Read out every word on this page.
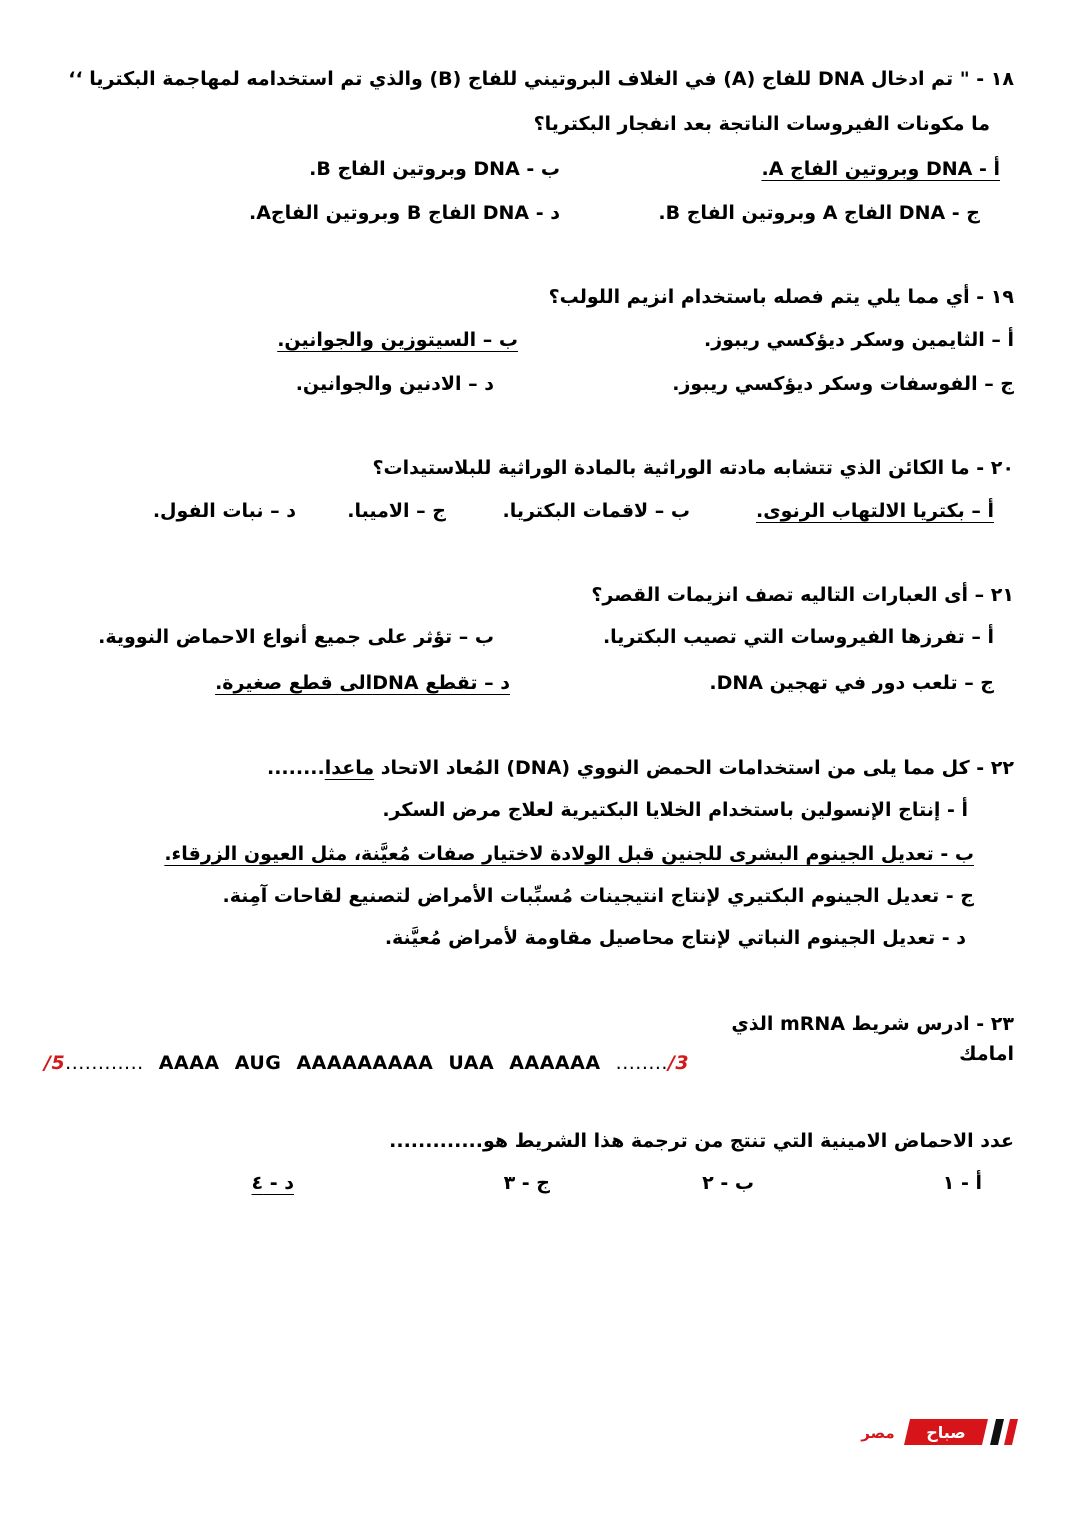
١٨ - " تم ادخال DNA للفاج (A) في الغلاف البروتيني للفاج (B) والذي تم استخدامه لمهاجمة البكتريا ‘‘
ما مكونات الفيروسات الناتجة بعد انفجار البكتريا؟
أ - DNA وبروتين الفاج A.
ب - DNA وبروتين الفاج B.
ج - DNA الفاج A وبروتين الفاج B.
د - DNA الفاج B وبروتين الفاجA.
١٩ - أي مما يلي يتم فصله باستخدام انزيم اللولب؟
أ – الثايمين وسكر ديؤكسي ريبوز.
ب – السيتوزين والجوانين.
ج – الفوسفات وسكر ديؤكسي ريبوز.
د – الادنين والجوانين.
٢٠ - ما الكائن الذي تتشابه مادته الوراثية بالمادة الوراثية للبلاستيدات؟
أ – بكتريا الالتهاب الرنوى.
ب – لاقمات البكتريا.
ج – الاميبا.
د – نبات الفول.
٢١ – أى العبارات التاليه تصف انزيمات القصر؟
أ – تفرزها الفيروسات التي تصيب البكتريا.
ب – تؤثر على جميع أنواع الاحماض النووية.
ج – تلعب دور في تهجين DNA.
د – تقطع DNAالى قطع صغيرة.
٢٢ - كل مما يلى من استخدامات الحمض النووي (DNA) المُعاد الاتحاد ماعدا........
أ - إنتاج الإنسولين باستخدام الخلايا البكتيرية لعلاج مرض السكر.
ب - تعديل الجينوم البشرى للجنين قبل الولادة لاختيار صفات مُعيَّنة، مثل العيون الزرقاء.
ج - تعديل الجينوم البكتيري لإنتاج انتيجينات مُسبِّبات الأمراض لتصنيع لقاحات آمِنة.
د - تعديل الجينوم النباتي لإنتاج محاصيل مقاومة لأمراض مُعيَّنة.
٢٣ - ادرس شريط mRNA الذي
امامك
/5............ AAAA AUG AAAAAAAAA UAA AAAAAA ......../3
عدد الاحماض الامينية التي تنتج من ترجمة هذا الشريط هو.............
أ - ١
ب - ٢
ج - ٣
د - ٤
مصر صباح
